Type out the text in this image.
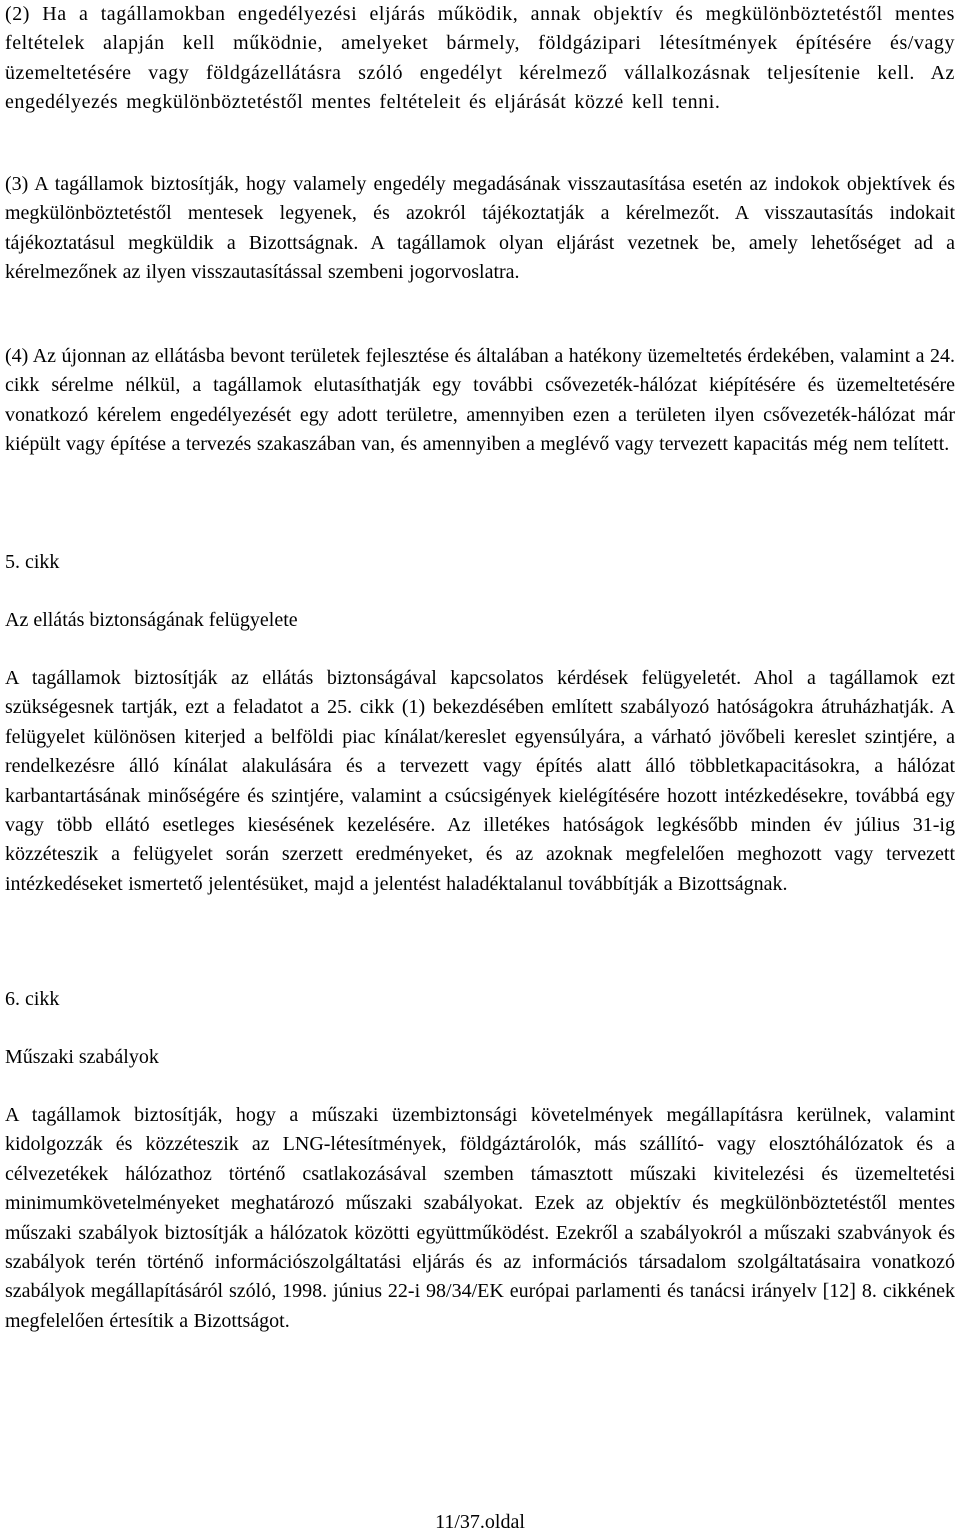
(2) Ha a tagállamokban engedélyezési eljárás működik, annak objektív és megkülönböztetéstől mentes feltételek alapján kell működnie, amelyeket bármely, földgázipari létesítmények építésére és/vagy üzemeltetésére vagy földgázellátásra szóló engedélyt kérelmező vállalkozásnak teljesítenie kell. Az engedélyezés megkülönböztetéstől mentes feltételeit és eljárását közzé kell tenni.

(3) A tagállamok biztosítják, hogy valamely engedély megadásának visszautasítása esetén az indokok objektívek és megkülönböztetéstől mentesek legyenek, és azokról tájékoztatják a kérelmezőt. A visszautasítás indokait tájékoztatásul megküldik a Bizottságnak. A tagállamok olyan eljárást vezetnek be, amely lehetőséget ad a kérelmezőnek az ilyen visszautasítással szembeni jogorvoslatra.

(4) Az újonnan az ellátásba bevont területek fejlesztése és általában a hatékony üzemeltetés érdekében, valamint a 24. cikk sérelme nélkül, a tagállamok elutasíthatják egy további csővezeték-hálózat kiépítésére és üzemeltetésére vonatkozó kérelem engedélyezését egy adott területre, amennyiben ezen a területen ilyen csővezeték-hálózat már kiépült vagy építése a tervezés szakaszában van, és amennyiben a meglévő vagy tervezett kapacitás még nem telített.

5. cikk
Az ellátás biztonságának felügyelete

A tagállamok biztosítják az ellátás biztonságával kapcsolatos kérdések felügyeletét. Ahol a tagállamok ezt szükségesnek tartják, ezt a feladatot a 25. cikk (1) bekezdésében említett szabályozó hatóságokra átruházhatják. A felügyelet különösen kiterjed a belföldi piac kínálat/kereslet egyensúlyára, a várható jövőbeli kereslet szintjére, a rendelkezésre álló kínálat alakulására és a tervezett vagy építés alatt álló többletkapacitásokra, a hálózat karbantartásának minőségére és szintjére, valamint a csúcsigények kielégítésére hozott intézkedésekre, továbbá egy vagy több ellátó esetleges kiesésének kezelésére. Az illetékes hatóságok legkésőbb minden év július 31-ig közzéteszik a felügyelet során szerzett eredményeket, és az azoknak megfelelően meghozott vagy tervezett intézkedéseket ismertető jelentésüket, majd a jelentést haladéktalanul továbbítják a Bizottságnak.

6. cikk
Műszaki szabályok

A tagállamok biztosítják, hogy a műszaki üzembiztonsági követelmények megállapításra kerülnek, valamint kidolgozzák és közzéteszik az LNG-létesítmények, földgáztárolók, más szállító- vagy elosztóhálózatok és a célvezetékek hálózathoz történő csatlakozásával szemben támasztott műszaki kivitelezési és üzemeltetési minimumkövetelményeket meghatározó műszaki szabályokat. Ezek az objektív és megkülönböztetéstől mentes műszaki szabályok biztosítják a hálózatok közötti együttműködést. Ezekről a szabályokról a műszaki szabványok és szabályok terén történő információszolgáltatási eljárás és az információs társadalom szolgáltatásaira vonatkozó szabályok megállapításáról szóló, 1998. június 22-i 98/34/EK európai parlamenti és tanácsi irányelv [12] 8. cikkének megfelelően értesítik a Bizottságot.

11/37.oldal
